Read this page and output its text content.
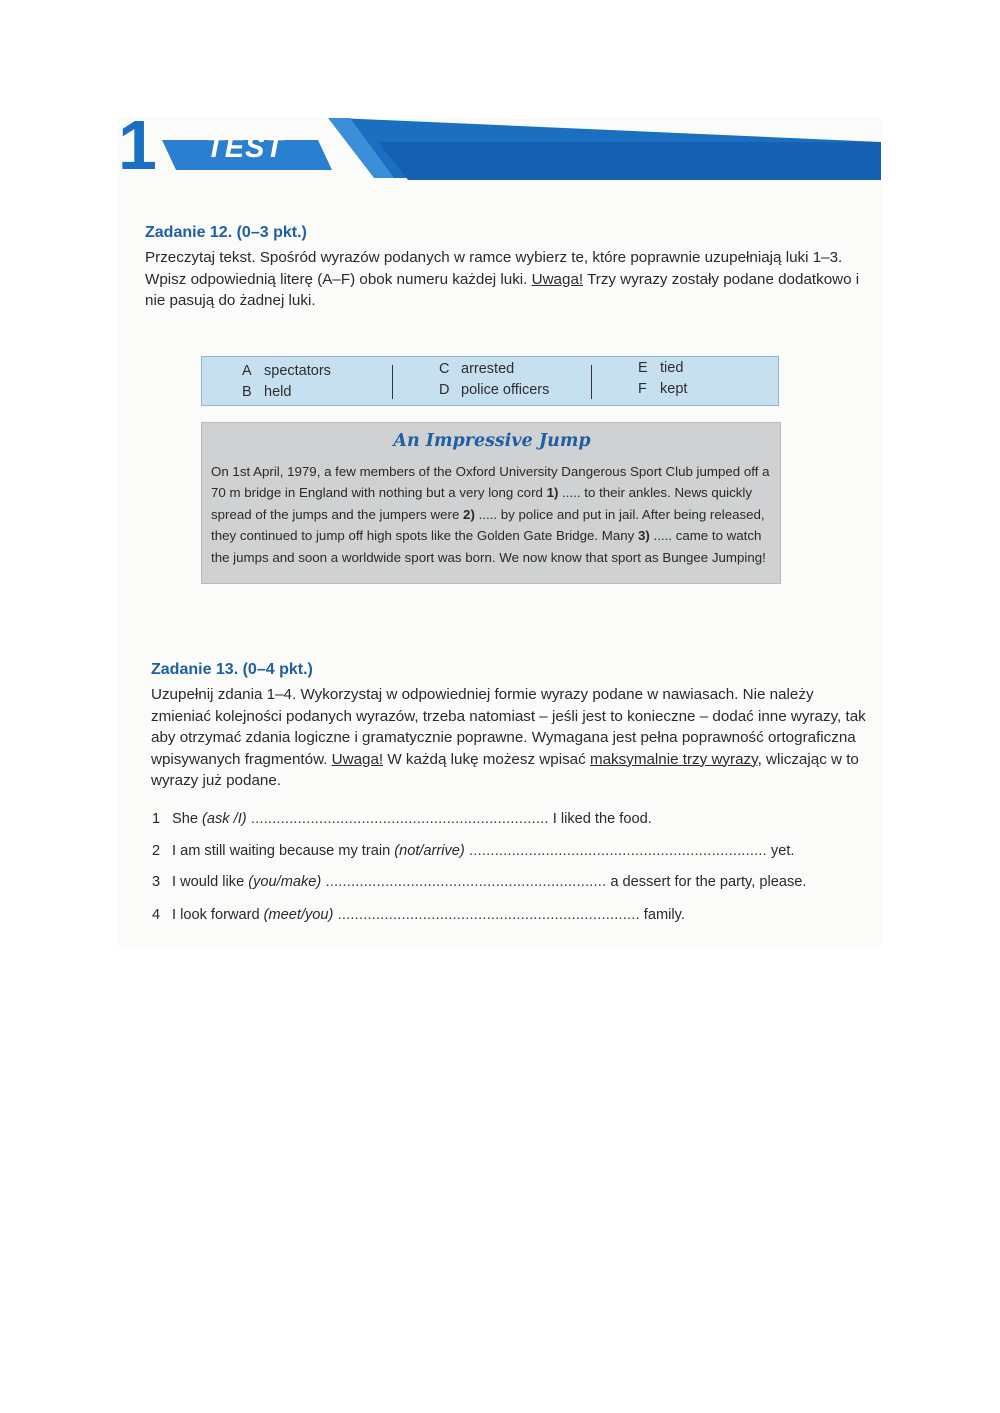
1 TEST
Zadanie 12. (0–3 pkt.)
Przeczytaj tekst. Spośród wyrazów podanych w ramce wybierz te, które poprawnie uzupełniają luki 1–3. Wpisz odpowiednią literę (A–F) obok numeru każdej luki. Uwaga! Trzy wyrazy zostały podane dodatkowo i nie pasują do żadnej luki.
A spectators
B held
C arrested
D police officers
E tied
F kept
An Impressive Jump
On 1st April, 1979, a few members of the Oxford University Dangerous Sport Club jumped off a 70 m bridge in England with nothing but a very long cord 1) ..... to their ankles. News quickly spread of the jumps and the jumpers were 2) ..... by police and put in jail. After being released, they continued to jump off high spots like the Golden Gate Bridge. Many 3) ..... came to watch the jumps and soon a worldwide sport was born. We now know that sport as Bungee Jumping!
Zadanie 13. (0–4 pkt.)
Uzupełnij zdania 1–4. Wykorzystaj w odpowiedniej formie wyrazy podane w nawiasach. Nie należy zmieniać kolejności podanych wyrazów, trzeba natomiast – jeśli jest to konieczne – dodać inne wyrazy, tak aby otrzymać zdania logiczne i gramatycznie poprawne. Wymagana jest pełna poprawność ortograficzna wpisywanych fragmentów. Uwaga! W każdą lukę możesz wpisać maksymalnie trzy wyrazy, wliczając w to wyrazy już podane.
1 She (ask /I) ...................................................................... I liked the food.
2 I am still waiting because my train (not/arrive) ...................................................................... yet.
3 I would like (you/make) .................................................................. a dessert for the party, please.
4 I look forward (meet/you) ....................................................................... family.
